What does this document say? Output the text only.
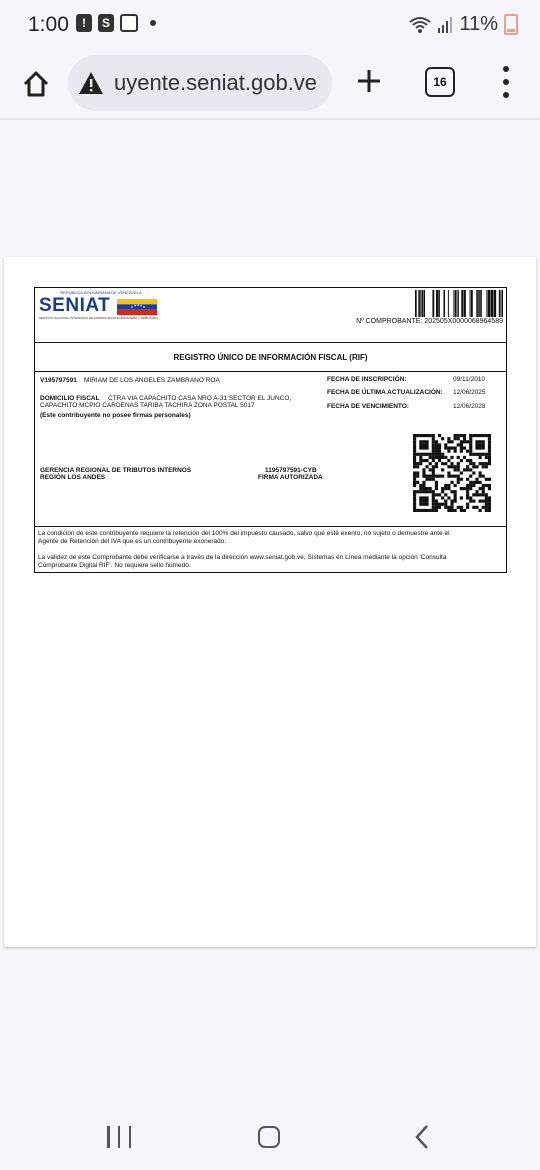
1:00	!	S	11%
uyente.seniat.gob.ve	16
REPÚBLICA BOLIVARIANA DE VENEZUELA
SENIAT
SERVICIO NACIONAL INTEGRADO DE ADMINISTRACIÓN ADUANERA Y TRIBUTARIA	Nº COMPROBANTE: 202505X0000068964589
REGISTRO ÚNICO DE INFORMACIÓN FISCAL (RIF)
V195797591 MIRIAM DE LOS ANGELES ZAMBRANO ROA
DOMICILIO FISCAL CTRA VIA CAPACHITO CASA NRO A-31 SECTOR EL JUNCO,
CAPACHITO MCPIO CARDENAS TARIBA TACHIRA ZONA POSTAL 5017
(Este contribuyente no posee firmas personales)
FECHA DE INSCRIPCIÓN:	09/11/2010
FECHA DE ÚLTIMA ACTUALIZACIÓN: 12/06/2025
FECHA DE VENCIMIENTO:	12/06/2028
GERENCIA REGIONAL DE TRIBUTOS INTERNOS
REGIÓN LOS ANDES
1195797591-CYB
FIRMA AUTORIZADA
La condición de este contribuyente requiere la retención del 100% del impuesto causado, salvo que esté exento, no sujeto o demuestre ante el
Agente de Retención del IVA que es un contribuyente exonerado.
La validez de este Comprobante debe verificarse a través de la dirección www.seniat.gob.ve, Sistemas en Línea mediante la opción 'Consulta
Comprobante Digital RIF'. No requiere sello húmedo.
